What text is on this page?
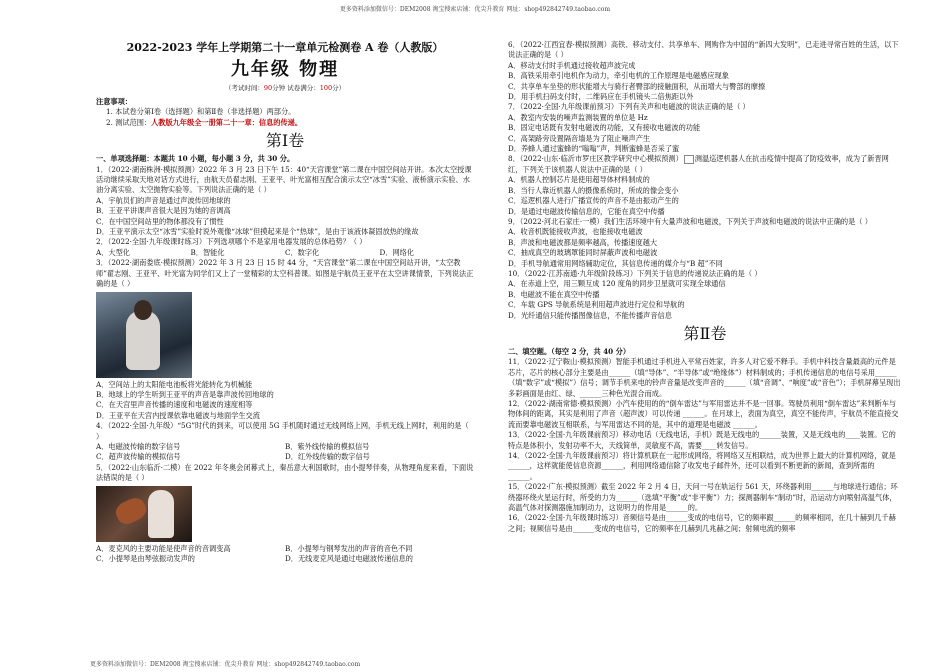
更多资料添加微信号：DEM2008 淘宝搜索店铺：优尖升教育 网址：shop492842749.taobao.com

2022-2023 学年上学期第二十一章单元检测卷 A 卷（人教版）

九年级 物理

（考试时间：90分钟 试卷满分：100分）

注意事项：

1. 本试卷分第Ⅰ卷（选择题）和第Ⅱ卷（非选择题）两部分。

2. 测试范围：人教版九年级全一册第二十一章：信息的传递。

第Ⅰ卷

一、单项选择题：本题共 10 小题，每小题 3 分，共 30 分。

1．（2022·湖南株洲·模拟预测）2022 年 3 月 23 日下午 15：40“天宫课堂”第二课在中国空间站开讲。本次太空授课活动继续采取天地对话方式进行，由航天员翟志刚、王亚平、叶光富相互配合演示太空“冰雪”实验、液桥演示实验、水油分离实验、太空抛物实验等。下列说法正确的是（ ）

A．宇航员们的声音是通过声波传回地球的

B．王亚平讲课声音很大是因为她的音调高

C．在中国空间站里的物体都没有了惯性

D．王亚平演示太空“冰雪”实验时说外观像“冰球”但摸起来是个“热球”，是由于该液体凝固放热的缘故

2．（2022·全国·九年级课时练习）下列选项哪个不是家用电器发展的总体趋势？（ ）

A．大型化	B．智能化	C．数字化	D．网络化

3．（2022·湖南娄底·模拟预测）2022 年 3 月 23 日 15 时 44 分，“天宫课堂”第二课在中国空间站开讲，“太空教师”翟志刚、王亚平、叶光富为同学们又上了一堂精彩的太空科普课。如图是宇航员王亚平在太空讲课情景，下列说法正确的是（ ）

A．空间站上的太阳能电池板将光能转化为机械能

B．地球上的学生听到王亚平的声音是靠声波传回地球的

C．在天宫里声音传播的速度和电磁波的速度相等

D．王亚平在天宫内授课依靠电磁波与地面学生交流

4．（2022·全国·九年级）“5G”时代的到来，可以使用 5G 手机随时通过无线网络上网，手机无线上网时，利用的是（ ）

A．电磁波传输的数字信号	B．紫外线传输的模拟信号
C．超声波传输的模拟信号	D．红外线传输的数字信号

5．（2022·山东临沂·二模）在 2022 年冬奥会闭幕式上，秦岳意大利国歌时，由小提琴伴奏，从物理角度来看，下面说法错误的是（ ）

A．麦克风的主要功能是使声音的音调变高	B．小提琴与钢琴发出的声音的音色不同
C．小提琴是由琴弦振动发声的	D．无线麦克风是通过电磁波传递信息的

6．（2022·江西宜春·模拟预测）高铁、移动支付、共享单车、网购作为中国的“新四大发明”，已走进寻常百姓的生活，以下说法正确的是（ ）

A．移动支付时手机通过接收超声波完成

B．高铁采用牵引电机作为动力，牵引电机的工作原理是电磁感应现象

C．共享单车坐垫的形状能增大与骑行者臀部的接触面积，从而增大与臀部的摩擦

D．用手机扫码支付时，二维码应在手机镜头二倍焦距以外

7．（2022·全国·九年级课前预习）下列有关声和电磁波的说法正确的是（ ）

A．教室内安装的噪声监测装置的单位是 Hz

B．固定电话既有发射电磁波的功能，又有接收电磁波的功能

C．高架路旁设置隔音墙是为了阻止噪声产生

D．养蜂人通过蜜蜂的“嗡嗡”声，判断蜜蜂是否采了蜜

8．（2022·山东·临沂市罗庄区教学研究中心模拟预测） 测温巡逻机器人在抗击疫情中提高了防疫效率，成为了新晋网红，下列关于该机器人说法中正确的是（ ）

A．机器人控制芯片是使用超导体材料制成的

B．当行人靠近机器人的摄像系统时，所成的像会变小

C．巡逻机器人进行广播宣传的声音不是由振动产生的

D．是通过电磁波传输信息的，它能在真空中传播

9．（2022·河北石家庄·一模）我们生活环境中有大量声波和电磁波，下列关于声波和电磁波的说法中正确的是（ ）

A．收音机既能接收声波，也能接收电磁波

B．声波和电磁波都是频率越高，传播速度越大

C．抽成真空的玻璃罩能同时屏蔽声波和电磁波

D．手机导航通常用网络辅助定位，其信息传递的媒介与“B 超”不同

10．（2022·江苏南通·九年级阶段练习）下列关于信息的传递说法正确的是（ ）

A．在赤道上空，用三颗互成 120 度角的同步卫星就可实现全球通信

B．电磁波不能在真空中传播

C．车载 GPS 导航系统是利用超声波进行定位和导航的

D．光纤通信只能传播图像信息，不能传播声音信息

第Ⅱ卷

二、填空题。（每空 2 分，共 40 分）

11．（2022·辽宁鞍山·模拟预测）智能手机通过手机进入平常百姓家，许多人对它爱不释手。手机中科技含量最高的元件是芯片，芯片的核心部分主要是由______（填“导体”、“半导体”或“绝缘体”）材料制成的；手机传递信息的电信号采用______（填“数字”或“模拟”）信号；调节手机来电的铃声音量是改变声音的______（填“音调”、“响度”或“音色”）；手机屏幕呈现出多彩画面是由红、绿、______三种色光混合而成。

12．（2022·湖南常德·模拟预测）小汽车使用的的“倒车雷达”与军用雷达并不是一回事。驾驶员利用“倒车雷达”来判断车与物体间的距离，其实是利用了声音（超声波）可以传递 ______。在月球上，表面为真空，真空不能传声，宇航员不能直接交流而要靠电磁波互相联系，与军用雷达不同的是，其中的道理是电磁波 ______。

13．（2022·全国·九年级课前预习）移动电话（无线电话，手机）既是无线电的______装置，又是无线电的____装置。它的特点是体积小，发射功率不大，天线简单，灵敏度不高，需要____转发信号。

14．（2022·全国·九年级课前预习）将计算机联在一起形成网络，将网络又互相联结，成为世界上最大的计算机网络，就是______，这样就能使信息资源______，利用网络通信除了收发电子邮件外，还可以看到不断更新的新闻，查到所需的______。

15．（2022·广东·模拟预测）截至 2022 年 2 月 4 日，天问一号在轨运行 561 天，环绕器利用______与地球进行通信；环绕器环绕火星运行时，所受的力为______（选填“平衡”或“非平衡”）力；探测器制车“制动”时，沿运动方向喷射高温气体，高温气体对探测器施加制动力，这说明力的作用是______的。

16．（2022·全国·九年级课时练习）音频信号是由______变成的电信号，它的频率跟______的频率相同，在几十赫到几千赫之间；视频信号是由______变成的电信号，它的频率在几赫到几兆赫之间；射频电流的频率

更多资料添加微信号：DEM2008 淘宝搜索店铺：优尖升教育 网址：shop492842749.taobao.com
